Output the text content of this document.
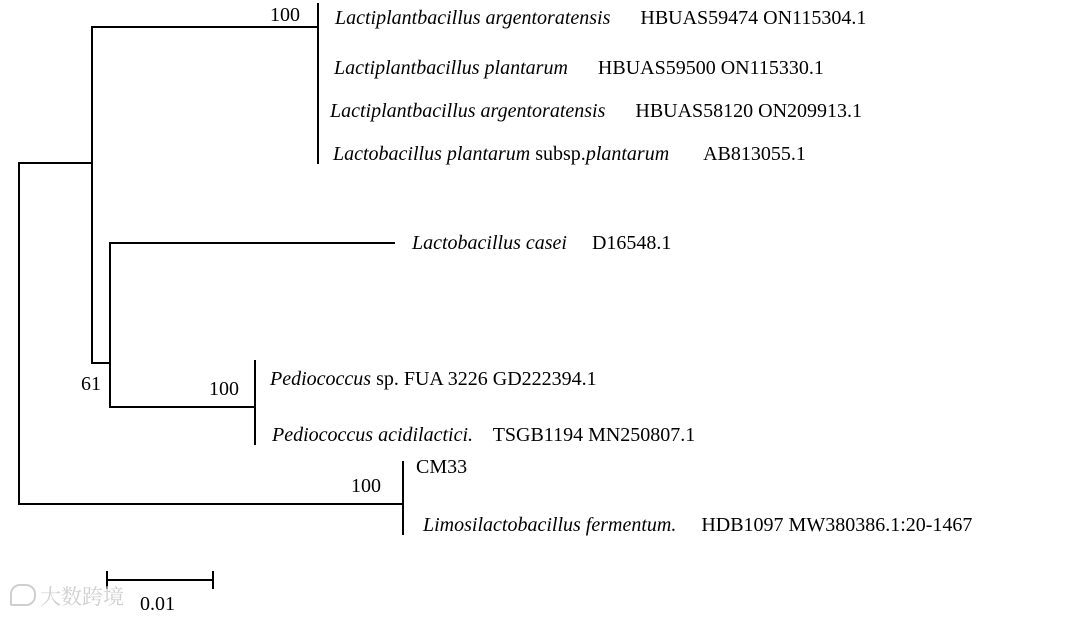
100
100
100
61
Lactiplantbacillus argentoratensis HBUAS59474 ON115304.1
Lactiplantbacillus plantarum HBUAS59500 ON115330.1
Lactiplantbacillus argentoratensis HBUAS58120 ON209913.1
Lactobacillus plantarum subsp.plantarum AB813055.1
Lactobacillus casei D16548.1
Pediococcus sp. FUA 3226 GD222394.1
Pediococcus acidilactici. TSGB1194 MN250807.1
CM33
Limosilactobacillus fermentum. HDB1097 MW380386.1:20-1467
0.01
大数跨境
